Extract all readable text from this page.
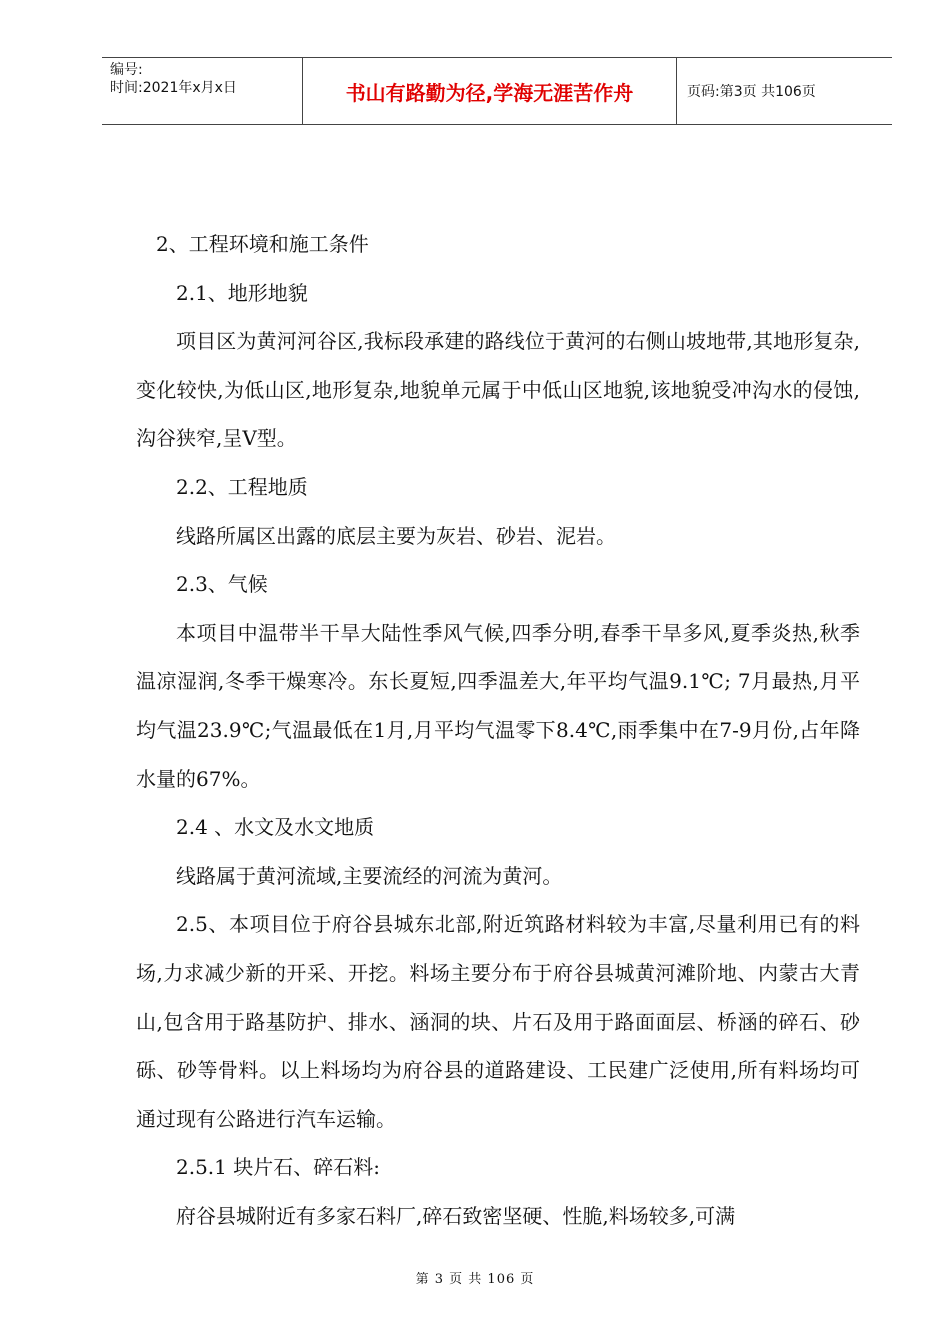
编号:
时间:2021年x月x日	书山有路勤为径,学海无涯苦作舟	页码:第3页 共106页

2、工程环境和施工条件

2.1、地形地貌

项目区为黄河河谷区,我标段承建的路线位于黄河的右侧山坡地带,其地形复杂,变化较快,为低山区,地形复杂,地貌单元属于中低山区地貌,该地貌受冲沟水的侵蚀,沟谷狭窄,呈V型。

2.2、工程地质

线路所属区出露的底层主要为灰岩、砂岩、泥岩。

2.3、气候

本项目中温带半干旱大陆性季风气候,四季分明,春季干旱多风,夏季炎热,秋季温凉湿润,冬季干燥寒冷。东长夏短,四季温差大,年平均气温9.1℃; 7月最热,月平均气温23.9℃;气温最低在1月,月平均气温零下8.4℃,雨季集中在7-9月份,占年降水量的67%。

2.4 、水文及水文地质

线路属于黄河流域,主要流经的河流为黄河。

2.5、本项目位于府谷县城东北部,附近筑路材料较为丰富,尽量利用已有的料场,力求减少新的开采、开挖。料场主要分布于府谷县城黄河滩阶地、内蒙古大青山,包含用于路基防护、排水、涵洞的块、片石及用于路面面层、桥涵的碎石、砂砾、砂等骨料。以上料场均为府谷县的道路建设、工民建广泛使用,所有料场均可通过现有公路进行汽车运输。

2.5.1 块片石、碎石料:

府谷县城附近有多家石料厂,碎石致密坚硬、性脆,料场较多,可满

第 3 页 共 106 页
